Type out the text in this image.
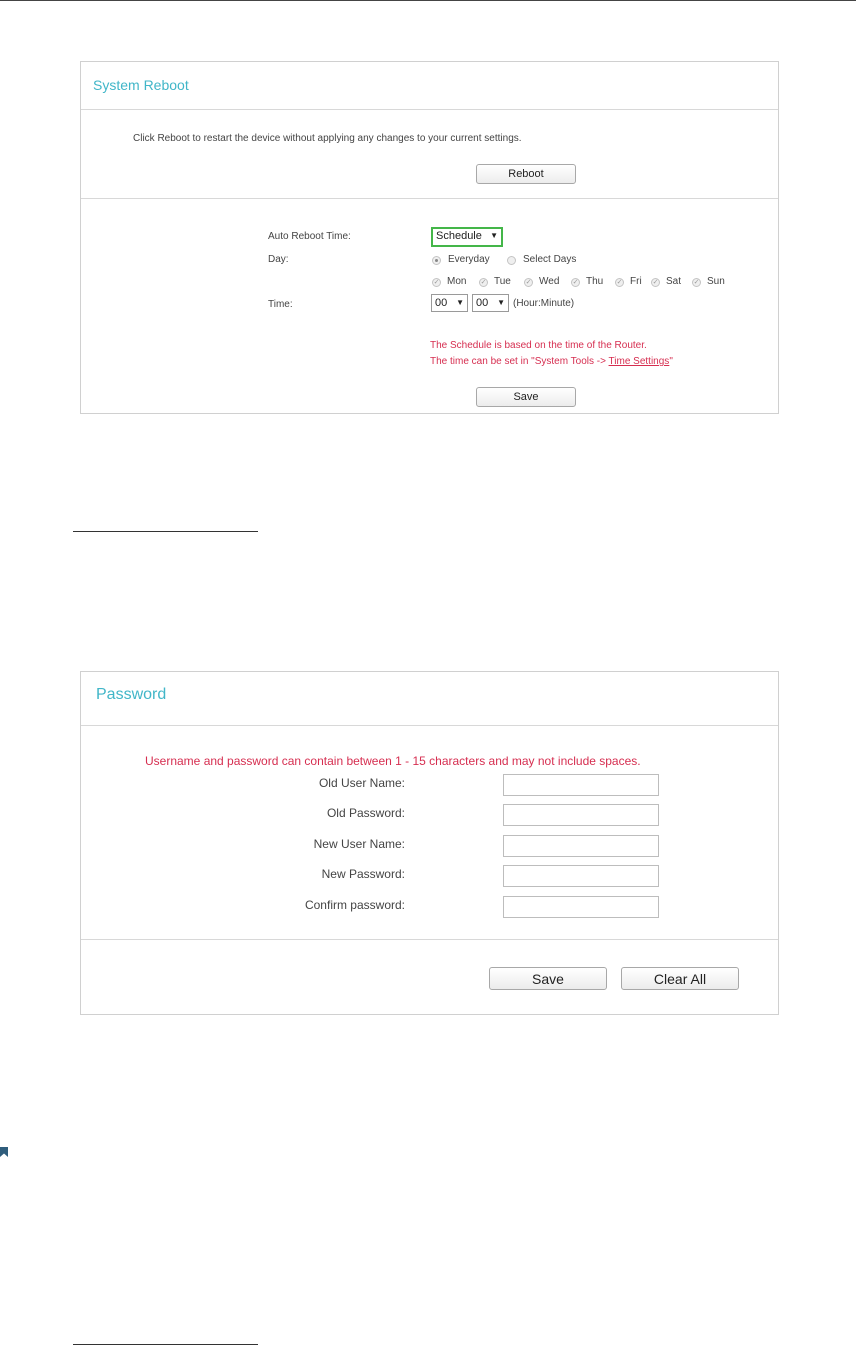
System Reboot
Click Reboot to restart the device without applying any changes to your current settings.
Reboot
Auto Reboot Time:	Schedule ▼
Day:	Everyday	Select Days
✓ Mon ✓ Tue ✓ Wed ✓ Thu ✓ Fri ✓ Sat ✓ Sun
Time:	00 ▼	00 ▼ (Hour:Minute)
The Schedule is based on the time of the Router.
The time can be set in "System Tools -> Time Settings"
Save
Password
Username and password can contain between 1 - 15 characters and may not include spaces.
Old User Name:
Old Password:
New User Name:
New Password:
Confirm password:
Save	Clear All
